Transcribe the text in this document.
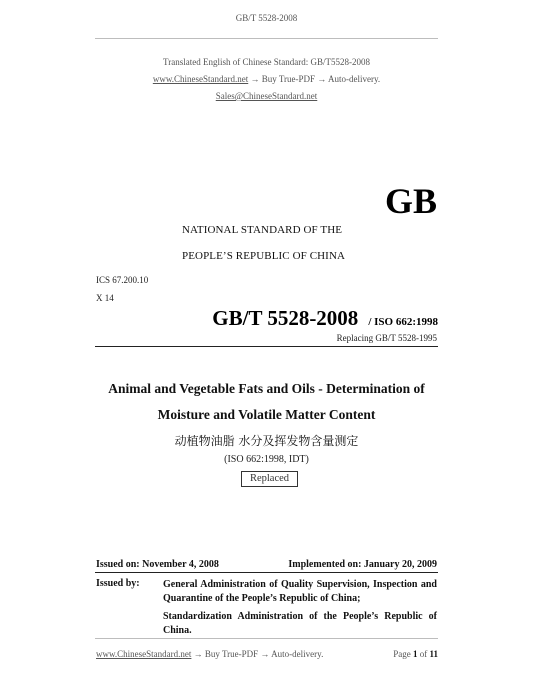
GB/T 5528-2008
Translated English of Chinese Standard: GB/T5528-2008
www.ChineseStandard.net → Buy True-PDF → Auto-delivery.
Sales@ChineseStandard.net
GB
NATIONAL STANDARD OF THE
PEOPLE’S REPUBLIC OF CHINA
ICS 67.200.10
X 14
GB/T 5528-2008 / ISO 662:1998
Replacing GB/T 5528-1995
Animal and Vegetable Fats and Oils - Determination of
Moisture and Volatile Matter Content
动植物油脂 水分及挥发物含量测定
(ISO 662:1998, IDT)
Replaced
Issued on: November 4, 2008	Implemented on: January 20, 2009
Issued by: General Administration of Quality Supervision, Inspection and Quarantine of the People’s Republic of China;
Standardization Administration of the People’s Republic of China.
www.ChineseStandard.net → Buy True-PDF → Auto-delivery.	Page 1 of 11
